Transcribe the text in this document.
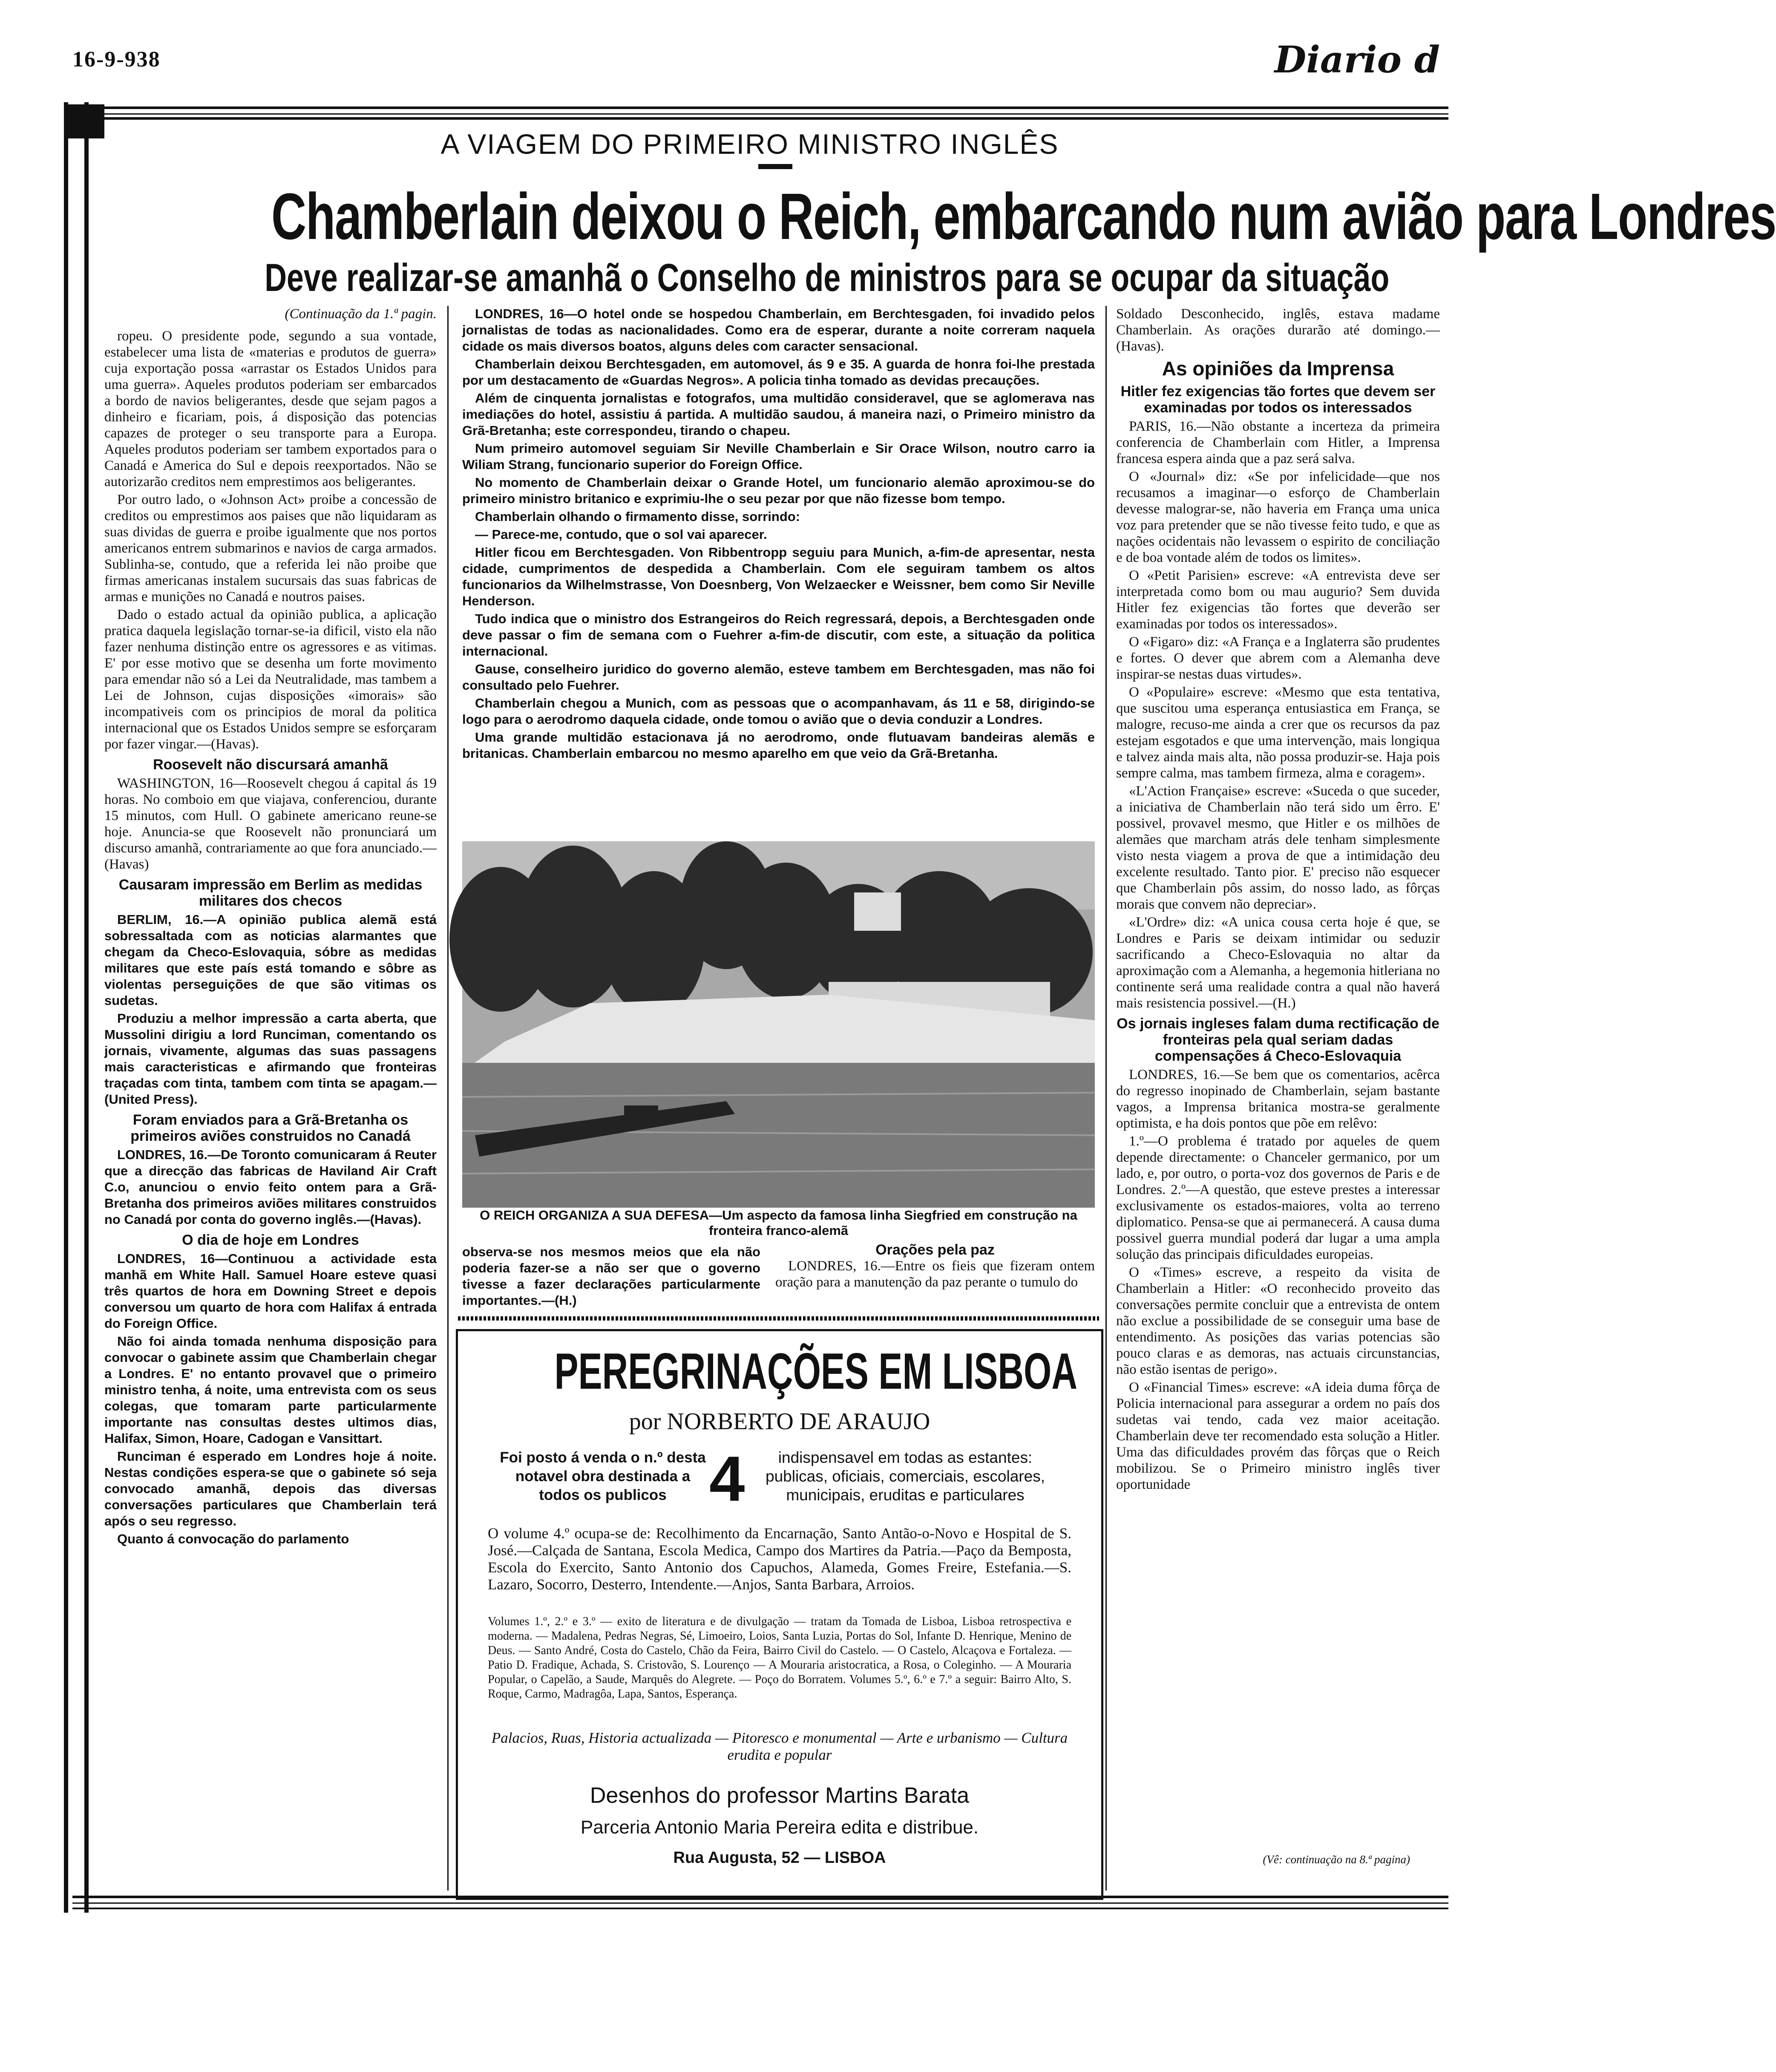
16-9-938	Diario d
A VIAGEM DO PRIMEIRO MINISTRO INGLÊS
Chamberlain deixou o Reich, embarcando num avião para Londres
Deve realizar-se amanhã o Conselho de ministros para se ocupar da situação
(Continuação da 1.ª pagin.

ropeu. O presidente pode, segundo a sua vontade, estabelecer uma lista de «materias e produtos de guerra» cuja exportação possa «arrastar os Estados Unidos para uma guerra». Aqueles produtos poderiam ser embarcados a bordo de navios beligerantes, desde que sejam pagos a dinheiro e ficariam, pois, á disposição das potencias capazes de proteger o seu transporte para a Europa. Aqueles produtos poderiam ser tambem exportados para o Canadá e America do Sul e depois reexportados. Não se autorizarão creditos nem emprestimos aos beligerantes.

Por outro lado, o «Johnson Act» proibe a concessão de creditos ou emprestimos aos paises que não liquidaram as suas dividas de guerra e proibe igualmente que nos portos americanos entrem submarinos e navios de carga armados. Sublinha-se, contudo, que a referida lei não proibe que firmas americanas instalem sucursais das suas fabricas de armas e munições no Canadá e noutros paises.

Dado o estado actual da opinião publica, a aplicação pratica daquela legislação tornar-se-ia dificil, visto ela não fazer nenhuma distinção entre os agressores e as vitimas. E' por esse motivo que se desenha um forte movimento para emendar não só a Lei da Neutralidade, mas tambem a Lei de Johnson, cujas disposições «imorais» são incompativeis com os principios de moral da politica internacional que os Estados Unidos sempre se esforçaram por fazer vingar.—(Havas).

Roosevelt não discursará amanhã

WASHINGTON, 16—Roosevelt chegou á capital ás 19 horas. No comboio em que viajava, conferenciou, durante 15 minutos, com Hull. O gabinete americano reune-se hoje. Anuncia-se que Roosevelt não pronunciará um discurso amanhã, contrariamente ao que fora anunciado.—(Havas)

Causaram impressão em Berlim as medidas militares dos checos

BERLIM, 16.—A opinião publica alemã está sobressaltada com as noticias alarmantes que chegam da Checo-Eslovaquia, sóbre as medidas militares que este país está tomando e sôbre as violentas perseguições de que são vitimas os sudetas.

Produziu a melhor impressão a carta aberta, que Mussolini dirigiu a lord Runciman, comentando os jornais, vivamente, algumas das suas passagens mais caracteristicas e afirmando que fronteiras traçadas com tinta, tambem com tinta se apagam.—(United Press).

Foram enviados para a Grã-Bretanha os primeiros aviões construidos no Canadá

LONDRES, 16.—De Toronto comunicaram á Reuter que a direcção das fabricas de Haviland Air Craft C.o, anunciou o envio feito ontem para a Grã-Bretanha dos primeiros aviões militares construidos no Canadá por conta do governo inglês.—(Havas).

O dia de hoje em Londres

LONDRES, 16—Continuou a actividade esta manhã em White Hall. Samuel Hoare esteve quasi três quartos de hora em Downing Street e depois conversou um quarto de hora com Halifax á entrada do Foreign Office.

Não foi ainda tomada nenhuma disposição para convocar o gabinete assim que Chamberlain chegar a Londres. E' no entanto provavel que o primeiro ministro tenha, á noite, uma entrevista com os seus colegas, que tomaram parte particularmente importante nas consultas destes ultimos dias, Halifax, Simon, Hoare, Cadogan e Vansittart.

Runciman é esperado em Londres hoje á noite. Nestas condições espera-se que o gabinete só seja convocado amanhã, depois das diversas conversações particulares que Chamberlain terá após o seu regresso.

Quanto á convocação do parlamento

LONDRES, 16—O hotel onde se hospedou Chamberlain, em Berchtesgaden, foi invadido pelos jornalistas de todas as nacionalidades. Como era de esperar, durante a noite correram naquela cidade os mais diversos boatos, alguns deles com caracter sensacional.

Chamberlain deixou Berchtesgaden, em automovel, ás 9 e 35. A guarda de honra foi-lhe prestada por um destacamento de «Guardas Negros». A policia tinha tomado as devidas precauções.

Além de cinquenta jornalistas e fotografos, uma multidão consideravel, que se aglomerava nas imediações do hotel, assistiu á partida. A multidão saudou, á maneira nazi, o Primeiro ministro da Grã-Bretanha; este correspondeu, tirando o chapeu.

Num primeiro automovel seguiam Sir Neville Chamberlain e Sir Orace Wilson, noutro carro ia Wiliam Strang, funcionario superior do Foreign Office.

No momento de Chamberlain deixar o Grande Hotel, um funcionario alemão aproximou-se do primeiro ministro britanico e exprimiu-lhe o seu pezar por que não fizesse bom tempo.

Chamberlain olhando o firmamento disse, sorrindo:

— Parece-me, contudo, que o sol vai aparecer.

Hitler ficou em Berchtesgaden. Von Ribbentropp seguiu para Munich, a-fim-de apresentar, nesta cidade, cumprimentos de despedida a Chamberlain. Com ele seguiram tambem os altos funcionarios da Wilhelmstrasse, Von Doesnberg, Von Welzaecker e Weissner, bem como Sir Neville Henderson.

Tudo indica que o ministro dos Estrangeiros do Reich regressará, depois, a Berchtesgaden onde deve passar o fim de semana com o Fuehrer a-fim-de discutir, com este, a situação da politica internacional.

Gause, conselheiro juridico do governo alemão, esteve tambem em Berchtesgaden, mas não foi consultado pelo Fuehrer.

Chamberlain chegou a Munich, com as pessoas que o acompanhavam, ás 11 e 58, dirigindo-se logo para o aerodromo daquela cidade, onde tomou o avião que o devia conduzir a Londres.

Uma grande multidão estacionava já no aerodromo, onde flutuavam bandeiras alemãs e britanicas. Chamberlain embarcou no mesmo aparelho em que veio da Grã-Bretanha.

O REICH ORGANIZA A SUA DEFESA—Um aspecto da famosa linha Siegfried em construção na fronteira franco-alemã
observa-se nos mesmos meios que ela não poderia fazer-se a não ser que o governo tivesse a fazer declarações particularmente importantes.—(H.)
Orações pela paz

LONDRES, 16.—Entre os fieis que fizeram ontem oração para a manutenção da paz perante o tumulo do

PEREGRINAÇÕES EM LISBOA
por NORBERTO DE ARAUJO
Foi posto á venda o n.º desta notavel obra destinada a todos os publicos 4	indispensavel em todas as estantes: publicas, oficiais, comerciais, escolares, municipais, eruditas e particulares
O volume 4.º ocupa-se de: Recolhimento da Encarnação, Santo Antão-o-Novo e Hospital de S. José.—Calçada de Santana, Escola Medica, Campo dos Martires da Patria.—Paço da Bemposta, Escola do Exercito, Santo Antonio dos Capuchos, Alameda, Gomes Freire, Estefania.—S. Lazaro, Socorro, Desterro, Intendente.—Anjos, Santa Barbara, Arroios.
Volumes 1.º, 2.º e 3.º — exito de literatura e de divulgação — tratam da Tomada de Lisboa, Lisboa retrospectiva e moderna. — Madalena, Pedras Negras, Sé, Limoeiro, Loios, Santa Luzia, Portas do Sol, Infante D. Henrique, Menino de Deus. — Santo André, Costa do Castelo, Chão da Feira, Bairro Civil do Castelo. — O Castelo, Alcaçova e Fortaleza. — Patio D. Fradique, Achada, S. Cristovão, S. Lourenço — A Mouraria aristocratica, a Rosa, o Coleginho. — A Mouraria Popular, o Capelão, a Saude, Marquês do Alegrete. — Poço do Borratem. Volumes 5.º, 6.º e 7.º a seguir: Bairro Alto, S. Roque, Carmo, Madragôa, Lapa, Santos, Esperança.
Palacios, Ruas, Historia actualizada — Pitoresco e monumental — Arte e urbanismo — Cultura erudita e popular
Desenhos do professor Martins Barata
Parceria Antonio Maria Pereira edita e distribue.
Rua Augusta, 52 — LISBOA

Soldado Desconhecido, inglês, estava madame Chamberlain. As orações durarão até domingo.—(Havas).

As opiniões da Imprensa
Hitler fez exigencias tão fortes que devem ser examinadas por todos os interessados

PARIS, 16.—Não obstante a incerteza da primeira conferencia de Chamberlain com Hitler, a Imprensa francesa espera ainda que a paz será salva.

O «Journal» diz: «Se por infelicidade—que nos recusamos a imaginar—o esforço de Chamberlain devesse malograr-se, não haveria em França uma unica voz para pretender que se não tivesse feito tudo, e que as nações ocidentais não levassem o espirito de conciliação e de boa vontade além de todos os limites».

O «Petit Parisien» escreve: «A entrevista deve ser interpretada como bom ou mau augurio? Sem duvida Hitler fez exigencias tão fortes que deverão ser examinadas por todos os interessados».

O «Figaro» diz: «A França e a Inglaterra são prudentes e fortes. O dever que abrem com a Alemanha deve inspirar-se nestas duas virtudes».

O «Populaire» escreve: «Mesmo que esta tentativa, que suscitou uma esperança entusiastica em França, se malogre, recuso-me ainda a crer que os recursos da paz estejam esgotados e que uma intervenção, mais longiqua e talvez ainda mais alta, não possa produzir-se. Haja pois sempre calma, mas tambem firmeza, alma e coragem».

«L'Action Française» escreve: «Suceda o que suceder, a iniciativa de Chamberlain não terá sido um êrro. E' possivel, provavel mesmo, que Hitler e os milhões de alemães que marcham atrás dele tenham simplesmente visto nesta viagem a prova de que a intimidação deu excelente resultado. Tanto pior. E' preciso não esquecer que Chamberlain pôs assim, do nosso lado, as fôrças morais que convem não depreciar».

«L'Ordre» diz: «A unica cousa certa hoje é que, se Londres e Paris se deixam intimidar ou seduzir sacrificando a Checo-Eslovaquia no altar da aproximação com a Alemanha, a hegemonia hitleriana no continente será uma realidade contra a qual não haverá mais resistencia possivel.—(H.)

Os jornais ingleses falam duma rectificação de fronteiras pela qual seriam dadas compensações á Checo-Eslovaquia

LONDRES, 16.—Se bem que os comentarios, acêrca do regresso inopinado de Chamberlain, sejam bastante vagos, a Imprensa britanica mostra-se geralmente optimista, e ha dois pontos que põe em relêvo:

1.º—O problema é tratado por aqueles de quem depende directamente: o Chanceler germanico, por um lado, e, por outro, o porta-voz dos governos de Paris e de Londres. 2.º—A questão, que esteve prestes a interessar exclusivamente os estados-maiores, volta ao terreno diplomatico. Pensa-se que ai permanecerá. A causa duma possivel guerra mundial poderá dar lugar a uma ampla solução das principais dificuldades europeias.

O «Times» escreve, a respeito da visita de Chamberlain a Hitler: «O reconhecido proveito das conversações permite concluir que a entrevista de ontem não exclue a possibilidade de se conseguir uma base de entendimento. As posições das varias potencias são pouco claras e as demoras, nas actuais circunstancias, não estão isentas de perigo».

O «Financial Times» escreve: «A ideia duma fôrça de Policia internacional para assegurar a ordem no país dos sudetas vai tendo, cada vez maior aceitação. Chamberlain deve ter recomendado esta solução a Hitler. Uma das dificuldades provém das fôrças que o Reich mobilizou. Se o Primeiro ministro inglês tiver oportunidade

(Vê: continuação na 8.ª pagina)
